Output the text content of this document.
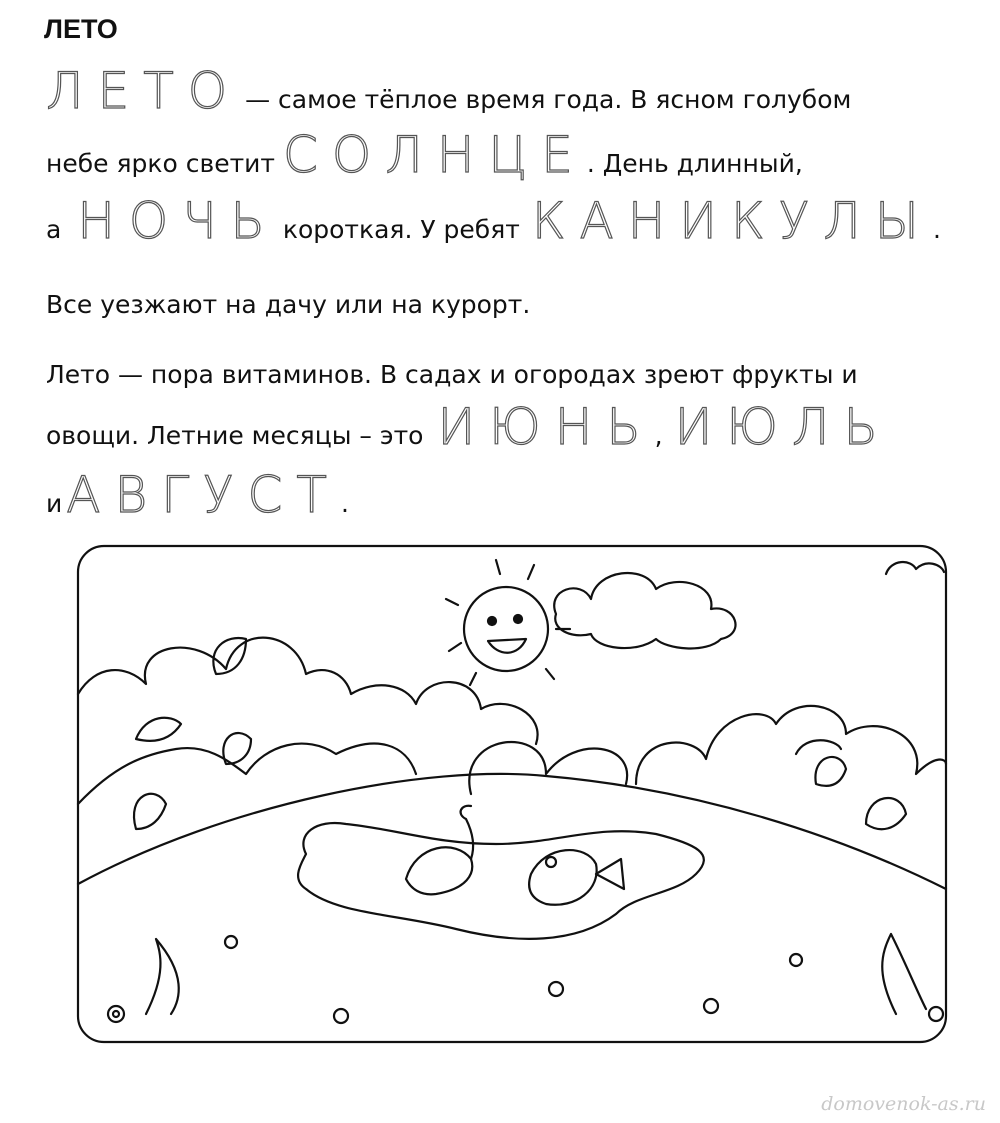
ЛЕТО
ЛЕТО — самое тёплое время года. В ясном голубом
небе ярко светит СОЛНЦЕ . День длинный,
а НОЧЬ короткая. У ребят КАНИКУЛЫ .
Все уезжают на дачу или на курорт.
Лето — пора витаминов. В садах и огородах зреют фрукты и
овощи. Летние месяцы – это ИЮНЬ , ИЮЛЬ
и АВГУСТ .
domovenok-as.ru
